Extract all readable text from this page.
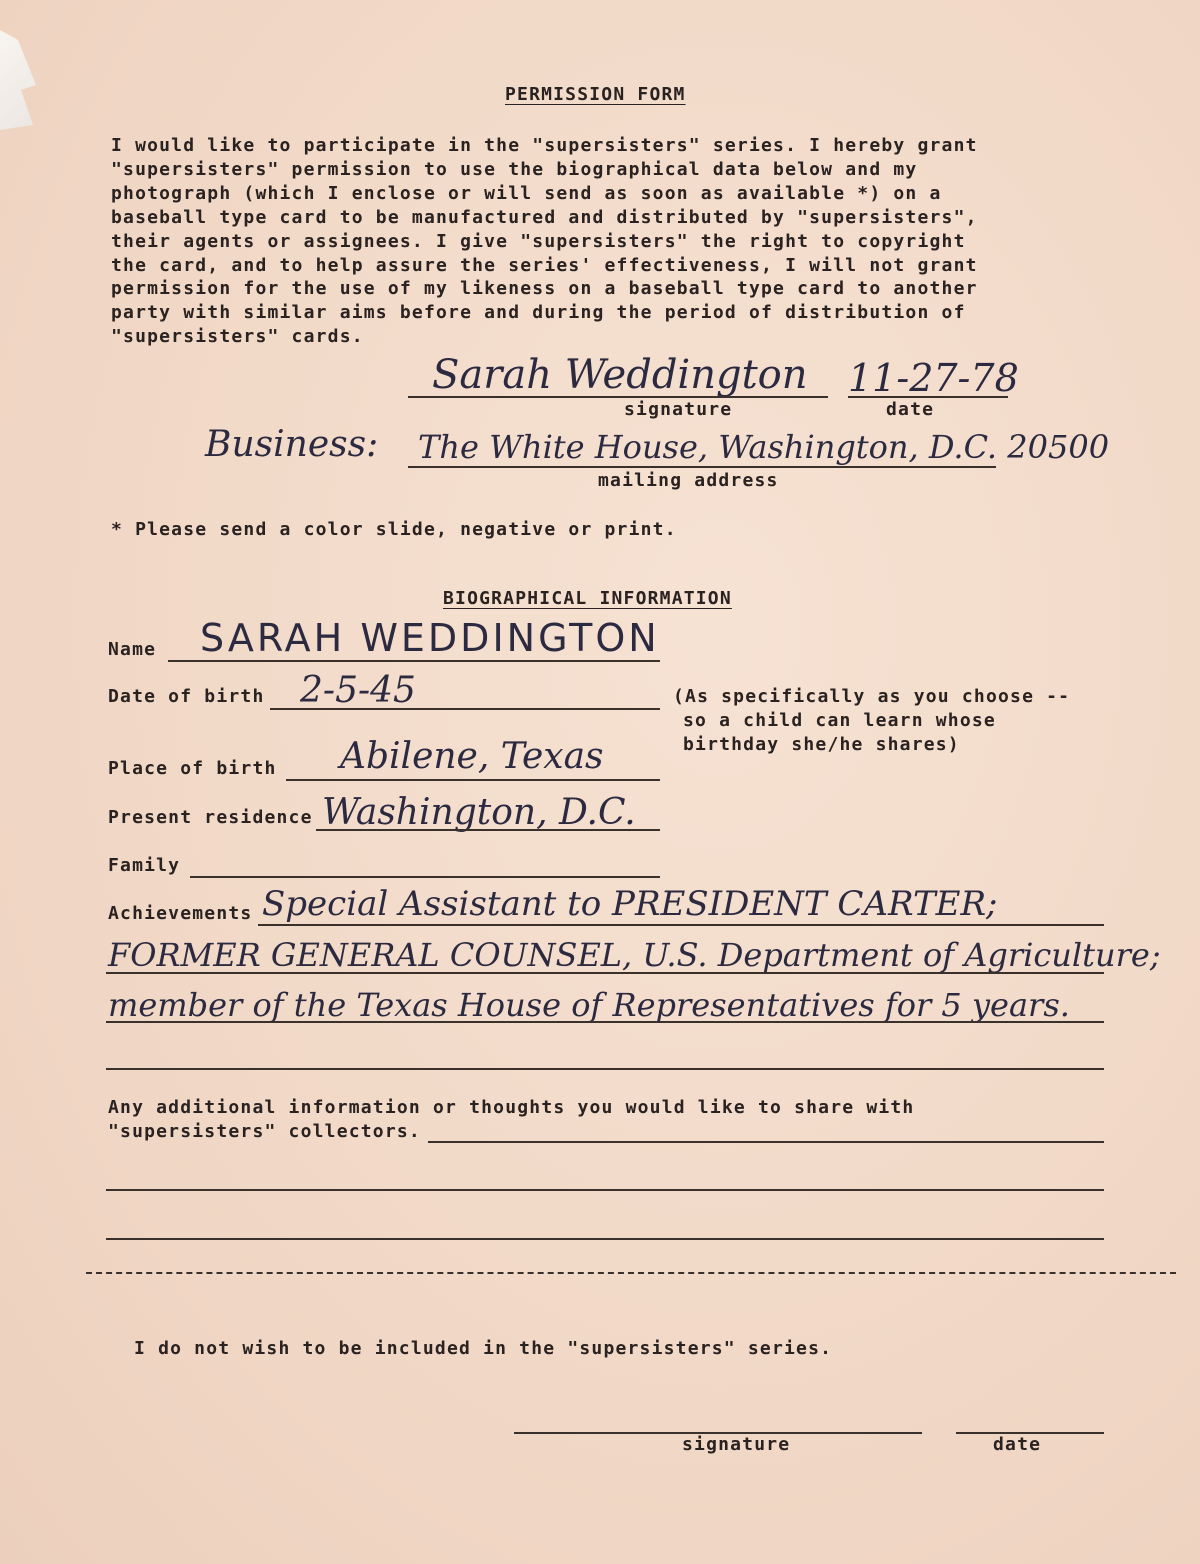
PERMISSION FORM
I would like to participate in the "supersisters" series. I hereby grant
"supersisters" permission to use the biographical data below and my
photograph (which I enclose or will send as soon as available *) on a
baseball type card to be manufactured and distributed by "supersisters",
their agents or assignees. I give "supersisters" the right to copyright
the card, and to help assure the series' effectiveness, I will not grant
permission for the use of my likeness on a baseball type card to another
party with similar aims before and during the period of distribution of
"supersisters" cards.
Sarah Weddington
signature
11-27-78
date
Business: The White House, Washington, D.C. 20500
mailing address
* Please send a color slide, negative or print.
BIOGRAPHICAL INFORMATION
Name SARAH WEDDINGTON
Date of birth 2-5-45	(As specifically as you choose --
so a child can learn whose
birthday she/he shares)
Place of birth Abilene, Texas
Present residence Washington, D.C.
Family
Achievements Special Assistant to PRESIDENT CARTER;
FORMER GENERAL COUNSEL, U.S. Department of Agriculture;
member of the Texas House of Representatives for 5 years.
Any additional information or thoughts you would like to share with
"supersisters" collectors.
I do not wish to be included in the "supersisters" series.
signature	date
